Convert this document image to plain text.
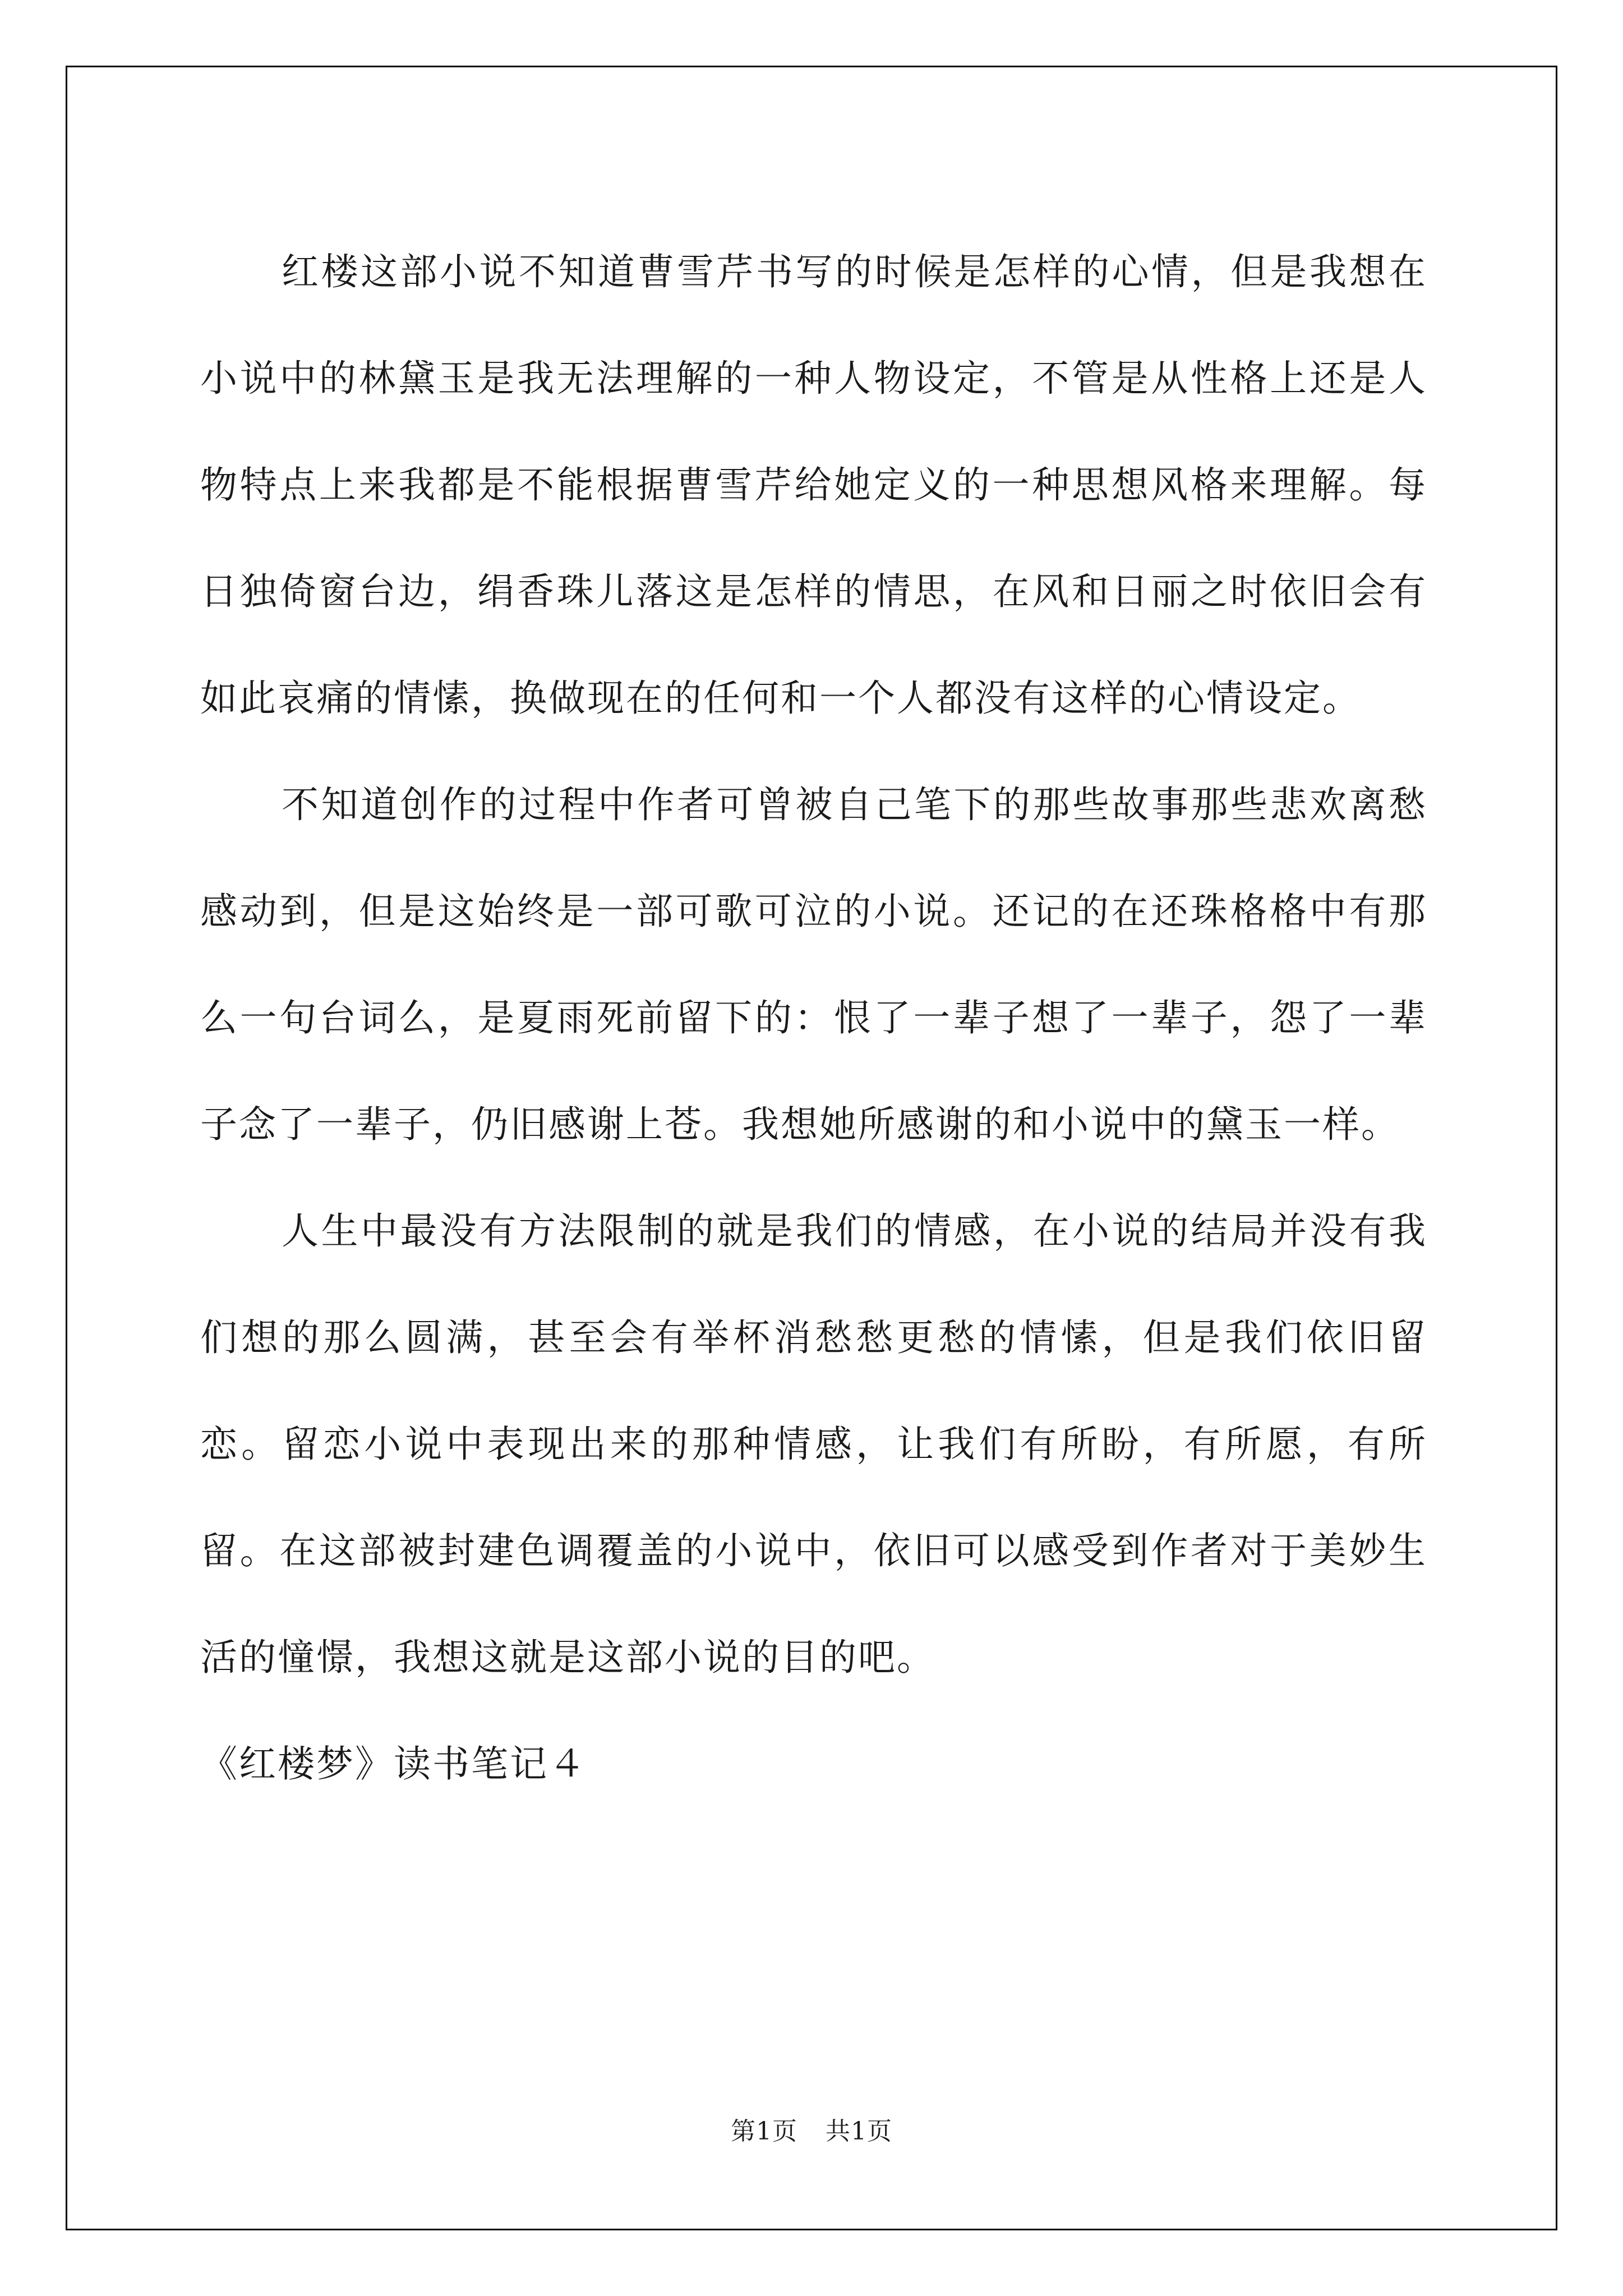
红楼这部小说不知道曹雪芹书写的时候是怎样的心情，但是我想在小说中的林黛玉是我无法理解的一种人物设定，不管是从性格上还是人物特点上来我都是不能根据曹雪芹给她定义的一种思想风格来理解。每日独倚窗台边，绢香珠儿落这是怎样的情思，在风和日丽之时依旧会有如此哀痛的情愫，换做现在的任何和一个人都没有这样的心情设定。

不知道创作的过程中作者可曾被自己笔下的那些故事那些悲欢离愁感动到，但是这始终是一部可歌可泣的小说。还记的在还珠格格中有那么一句台词么，是夏雨死前留下的：恨了一辈子想了一辈子，怨了一辈子念了一辈子，仍旧感谢上苍。我想她所感谢的和小说中的黛玉一样。

人生中最没有方法限制的就是我们的情感，在小说的结局并没有我们想的那么圆满，甚至会有举杯消愁愁更愁的情愫，但是我们依旧留恋。留恋小说中表现出来的那种情感，让我们有所盼，有所愿，有所留。在这部被封建色调覆盖的小说中，依旧可以感受到作者对于美妙生活的憧憬，我想这就是这部小说的目的吧。

《红楼梦》读书笔记４

第1页 共1页
